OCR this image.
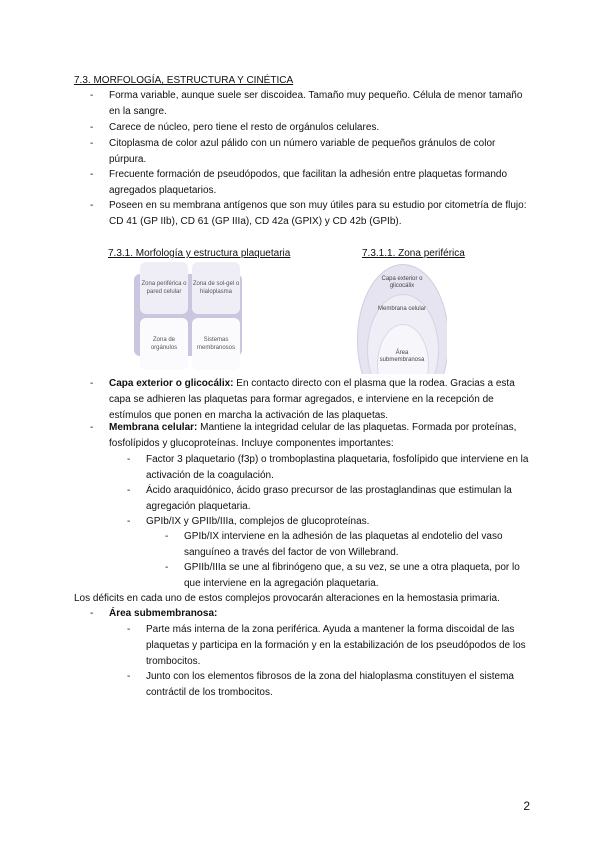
7.3. MORFOLOGÍA, ESTRUCTURA Y CINÉTICA
- Forma variable, aunque suele ser discoidea. Tamaño muy pequeño. Célula de menor tamaño en la sangre.
- Carece de núcleo, pero tiene el resto de orgánulos celulares.
- Citoplasma de color azul pálido con un número variable de pequeños gránulos de color púrpura.
- Frecuente formación de pseudópodos, que facilitan la adhesión entre plaquetas formando agregados plaquetarios.
- Poseen en su membrana antígenos que son muy útiles para su estudio por citometría de flujo: CD 41 (GP IIb), CD 61 (GP IIIa), CD 42a (GPIX) y CD 42b (GPIb).
7.3.1. Morfología y estructura plaquetaria	7.3.1.1. Zona periférica
Zona periférica o pared celular
Zona de sol-gel o hialoplasma
Zona de orgánulos
Sistemas membranosos
Capa exterior o glicocálix
Membrana celular
Área submembranosa
- Capa exterior o glicocálix: En contacto directo con el plasma que la rodea. Gracias a esta capa se adhieren las plaquetas para formar agregados, e interviene en la recepción de estímulos que ponen en marcha la activación de las plaquetas.
- Membrana celular: Mantiene la integridad celular de las plaquetas. Formada por proteínas, fosfolípidos y glucoproteínas. Incluye componentes importantes:
- Factor 3 plaquetario (f3p) o tromboplastina plaquetaria, fosfolípido que interviene en la activación de la coagulación.
- Ácido araquidónico, ácido graso precursor de las prostaglandinas que estimulan la agregación plaquetaria.
- GPIb/IX y GPIIb/IIIa, complejos de glucoproteínas.
- GPIb/IX interviene en la adhesión de las plaquetas al endotelio del vaso sanguíneo a través del factor de von Willebrand.
- GPIIb/IIIa se une al fibrinógeno que, a su vez, se une a otra plaqueta, por lo que interviene en la agregación plaquetaria.
Los déficits en cada uno de estos complejos provocarán alteraciones en la hemostasia primaria.
- Área submembranosa:
- Parte más interna de la zona periférica. Ayuda a mantener la forma discoidal de las plaquetas y participa en la formación y en la estabilización de los pseudópodos de los trombocitos.
- Junto con los elementos fibrosos de la zona del hialoplasma constituyen el sistema contráctil de los trombocitos.
2
